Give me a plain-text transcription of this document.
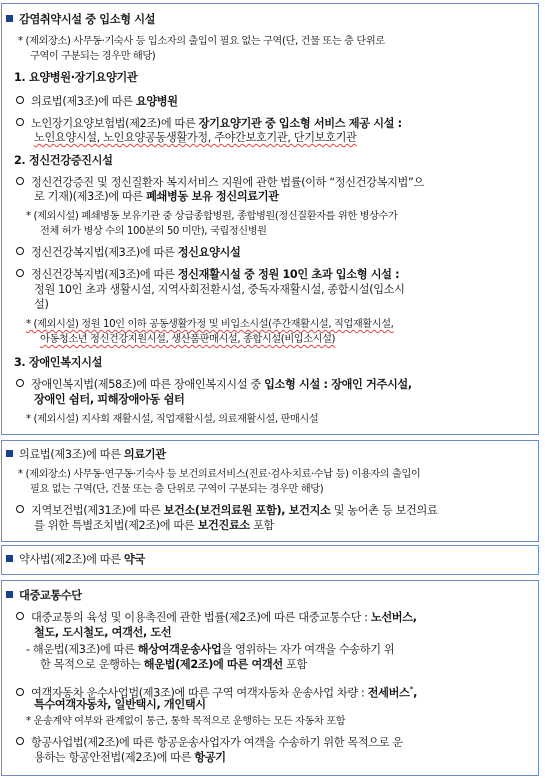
감염취약시설 중 입소형 시설
* (제외장소) 사무동·기숙사 등 입소자의 출입이 필요 없는 구역(단, 건물 또는 층 단위로
구역이 구분되는 경우만 해당)
1. 요양병원·장기요양기관
의료법(제3조)에 따른 요양병원
노인장기요양보험법(제2조)에 따른 장기요양기관 중 입소형 서비스 제공 시설 :
노인요양시설, 노인요양공동생활가정, 주야간보호기관, 단기보호기관
2. 정신건강증진시설
정신건강증진 및 정신질환자 복지서비스 지원에 관한 법률(이하 “정신건강복지법”으
로 기재)(제3조)에 따른 폐쇄병동 보유 정신의료기관
* (제외시설) 폐쇄병동 보유기관 중 상급종합병원, 종합병원(정신질환자를 위한 병상수가
전체 허가 병상 수의 100분의 50 미만), 국립정신병원
정신건강복지법(제3조)에 따른 정신요양시설
정신건강복지법(제3조)에 따른 정신재활시설 중 정원 10인 초과 입소형 시설 :
정원 10인 초과 생활시설, 지역사회전환시설, 중독자재활시설, 종합시설(입소시
설)
* (제외시설) 정원 10인 이하 공동생활가정 및 비입소시설(주간재활시설, 직업재활시설,
아동청소년 정신건강지원시설, 생산품판매시설, 종합시설(비입소시설)
3. 장애인복지시설
장애인복지법(제58조)에 따른 장애인복지시설 중 입소형 시설 : 장애인 거주시설,
장애인 쉼터, 피해장애아동 쉼터
* (제외시설) 지사회 재활시설, 직업재활시설, 의료재활시설, 판매시설
의료법(제3조)에 따른 의료기관
* (제외장소) 사무동·연구동·기숙사 등 보건의료서비스(진료·검사·치료·수납 등) 이용자의 출입이
필요 없는 구역(단, 건물 또는 층 단위로 구역이 구분되는 경우만 해당)
지역보건법(제31조)에 따른 보건소(보건의료원 포함), 보건지소 및 농어촌 등 보건의료
를 위한 특별조치법(제2조)에 따른 보건진료소 포함
약사법(제2조)에 따른 약국
대중교통수단
대중교통의 육성 및 이용촉진에 관한 법률(제2조)에 따른 대중교통수단 : 노선버스,
철도, 도시철도, 여객선, 도선
- 해운법(제3조)에 따른 해상여객운송사업을 영위하는 자가 여객을 수송하기 위
한 목적으로 운행하는 해운법(제2조)에 따른 여객선 포함
여객자동차 운수사업법(제3조)에 따른 구역 여객자동차 운송사업 차량 : 전세버스*,
특수여객자동차, 일반택시, 개인택시
* 운송계약 여부와 관계없이 통근, 통학 목적으로 운행하는 모든 자동차 포함
항공사업법(제2조)에 따른 항공운송사업자가 여객을 수송하기 위한 목적으로 운
용하는 항공안전법(제2조)에 따른 항공기
